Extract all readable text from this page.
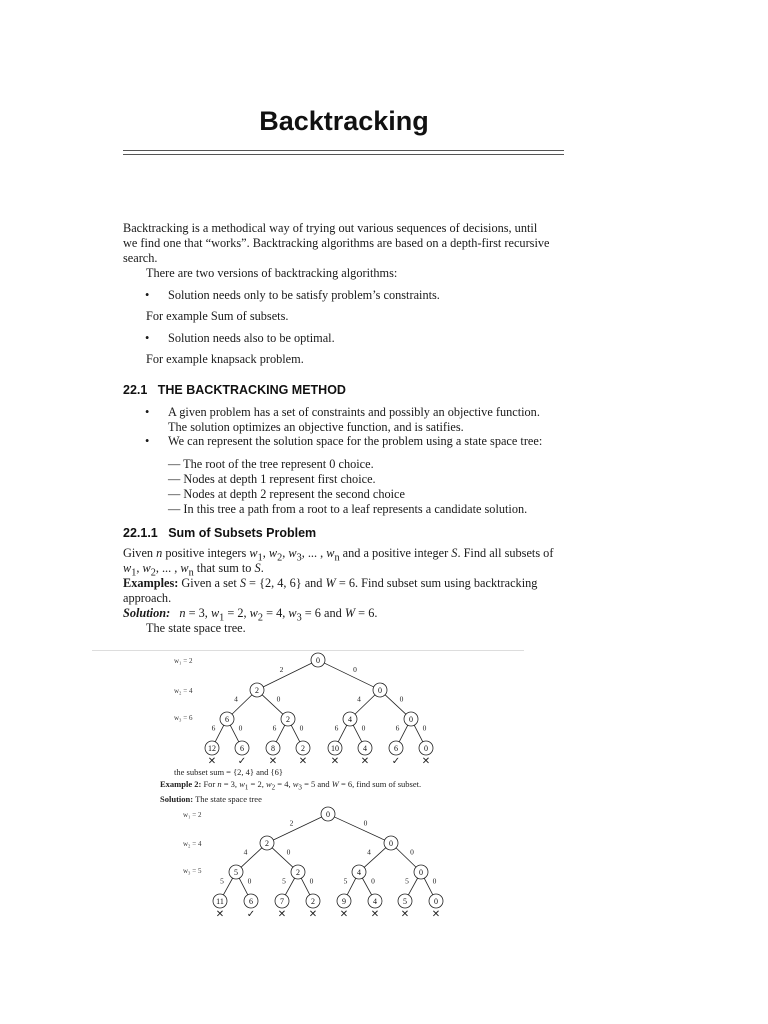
Backtracking
Backtracking is a methodical way of trying out various sequences of decisions, until
we find one that “works”. Backtracking algorithms are based on a depth-first recursive
search.
There are two versions of backtracking algorithms:
• Solution needs only to be satisfy problem’s constraints.
For example Sum of subsets.
• Solution needs also to be optimal.
For example knapsack problem.
22.1 THE BACKTRACKING METHOD
• A given problem has a set of constraints and possibly an objective function.
The solution optimizes an objective function, and is satifies.
• We can represent the solution space for the problem using a state space tree:
— The root of the tree represent 0 choice.
— Nodes at depth 1 represent first choice.
— Nodes at depth 2 represent the second choice
— In this tree a path from a root to a leaf represents a candidate solution.
22.1.1 Sum of Subsets Problem
Given n positive integers $w_1$, $w_2$, $w_3$, ... , $w_n$ and a positive integer S. Find all subsets of
$w_1$, $w_2$, ... , $w_n$ that sum to S.
Examples: Given a set S = {2, 4, 6} and W = 6. Find subset sum using backtracking
approach.
Solution: n = 3, $w_1 = 2$, $w_2 = 4$, $w_3 = 6$ and W = 6.
The state space tree.
2	0
4	0	4	0
6	0	6	0	6	0	6	0
0
2	0
6	2	4	0
12	6	8	2	10	4	6	0
✕ ✓ ✕ ✕ ✕ ✕ ✓ ✕
w₁ = 2
w₂ = 4
w₃ = 6
the subset sum = {2, 4} and {6}
Example 2: For n = 3, $w_1 = 2$, $w_2 = 4$, $w_3 = 5$ and W = 6, find sum of subset.
Solution: The state space tree
2	0
4	0	4	0
5	0	5	0	5	0	5	0
0
2	0
5	2	4	0
11	6	7	2	9	4	5	0
✕ ✓ ✕ ✕ ✕ ✕ ✕ ✕
w₁ = 2
w₂ = 4
w₃ = 5
